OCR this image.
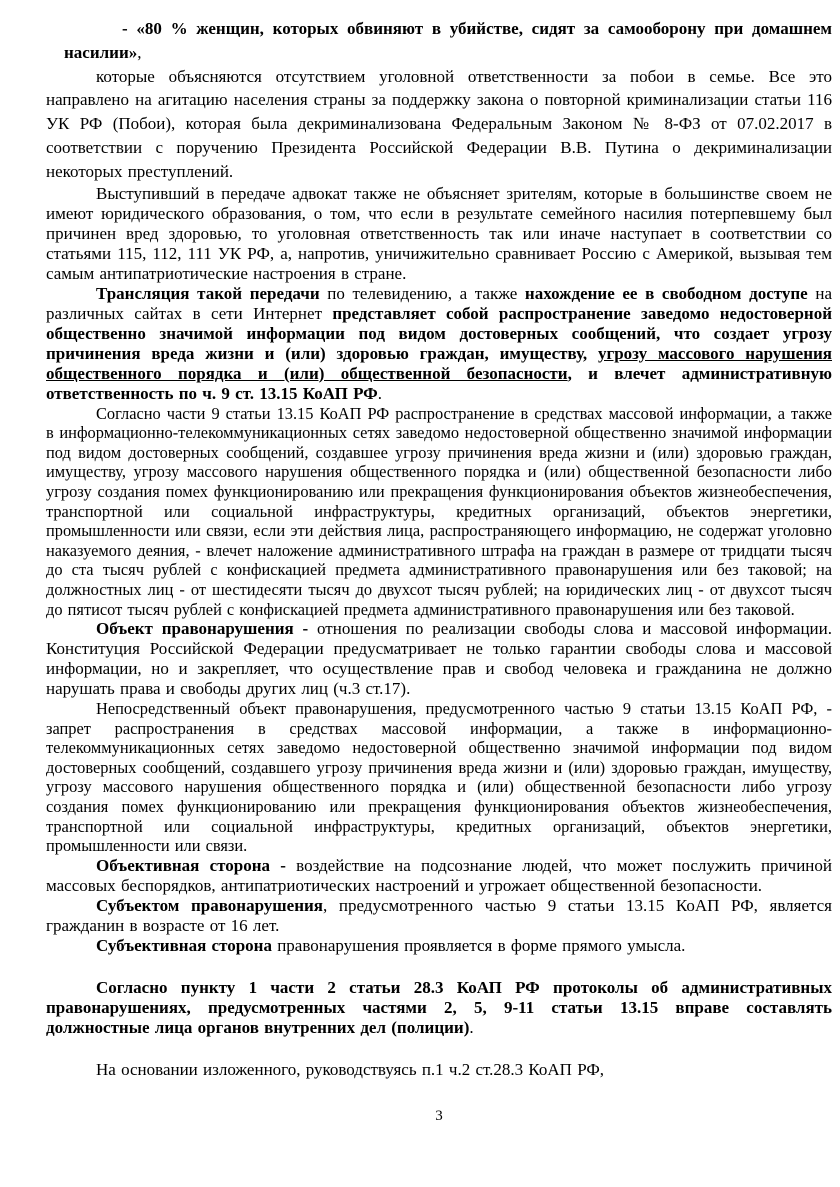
- «80 % женщин, которых обвиняют в убийстве, сидят за самооборону при домашнем насилии»,

которые объясняются отсутствием уголовной ответственности за побои в семье. Все это направлено на агитацию населения страны за поддержку закона о повторной криминализации статьи 116 УК РФ (Побои), которая была декриминализована Федеральным Законом № 8-ФЗ от 07.02.2017 в соответствии с поручению Президента Российской Федерации В.В. Путина о декриминализации некоторых преступлений.

Выступивший в передаче адвокат также не объясняет зрителям, которые в большинстве своем не имеют юридического образования, о том, что если в результате семейного насилия потерпевшему был причинен вред здоровью, то уголовная ответственность так или иначе наступает в соответствии со статьями 115, 112, 111 УК РФ, а, напротив, уничижительно сравнивает Россию с Америкой, вызывая тем самым антипатриотические настроения в стране.

Трансляция такой передачи по телевидению, а также нахождение ее в свободном доступе на различных сайтах в сети Интернет представляет собой распространение заведомо недостоверной общественно значимой информации под видом достоверных сообщений, что создает угрозу причинения вреда жизни и (или) здоровью граждан, имуществу, угрозу массового нарушения общественного порядка и (или) общественной безопасности, и влечет административную ответственность по ч. 9 ст. 13.15 КоАП РФ.

Согласно части 9 статьи 13.15 КоАП РФ распространение в средствах массовой информации, а также в информационно-телекоммуникационных сетях заведомо недостоверной общественно значимой информации под видом достоверных сообщений, создавшее угрозу причинения вреда жизни и (или) здоровью граждан, имуществу, угрозу массового нарушения общественного порядка и (или) общественной безопасности либо угрозу создания помех функционированию или прекращения функционирования объектов жизнеобеспечения, транспортной или социальной инфраструктуры, кредитных организаций, объектов энергетики, промышленности или связи, если эти действия лица, распространяющего информацию, не содержат уголовно наказуемого деяния, - влечет наложение административного штрафа на граждан в размере от тридцати тысяч до ста тысяч рублей с конфискацией предмета административного правонарушения или без таковой; на должностных лиц - от шестидесяти тысяч до двухсот тысяч рублей; на юридических лиц - от двухсот тысяч до пятисот тысяч рублей с конфискацией предмета административного правонарушения или без таковой.

Объект правонарушения - отношения по реализации свободы слова и массовой информации. Конституция Российской Федерации предусматривает не только гарантии свободы слова и массовой информации, но и закрепляет, что осуществление прав и свобод человека и гражданина не должно нарушать права и свободы других лиц (ч.3 ст.17).

Непосредственный объект правонарушения, предусмотренного частью 9 статьи 13.15 КоАП РФ, - запрет распространения в средствах массовой информации, а также в информационно-телекоммуникационных сетях заведомо недостоверной общественно значимой информации под видом достоверных сообщений, создавшего угрозу причинения вреда жизни и (или) здоровью граждан, имуществу, угрозу массового нарушения общественного порядка и (или) общественной безопасности либо угрозу создания помех функционированию или прекращения функционирования объектов жизнеобеспечения, транспортной или социальной инфраструктуры, кредитных организаций, объектов энергетики, промышленности или связи.

Объективная сторона - воздействие на подсознание людей, что может послужить причиной массовых беспорядков, антипатриотических настроений и угрожает общественной безопасности.

Субъектом правонарушения, предусмотренного частью 9 статьи 13.15 КоАП РФ, является гражданин в возрасте от 16 лет.

Субъективная сторона правонарушения проявляется в форме прямого умысла.

Согласно пункту 1 части 2 статьи 28.3 КоАП РФ протоколы об административных правонарушениях, предусмотренных частями 2, 5, 9-11 статьи 13.15 вправе составлять должностные лица органов внутренних дел (полиции).

На основании изложенного, руководствуясь п.1 ч.2 ст.28.3 КоАП РФ,

3
